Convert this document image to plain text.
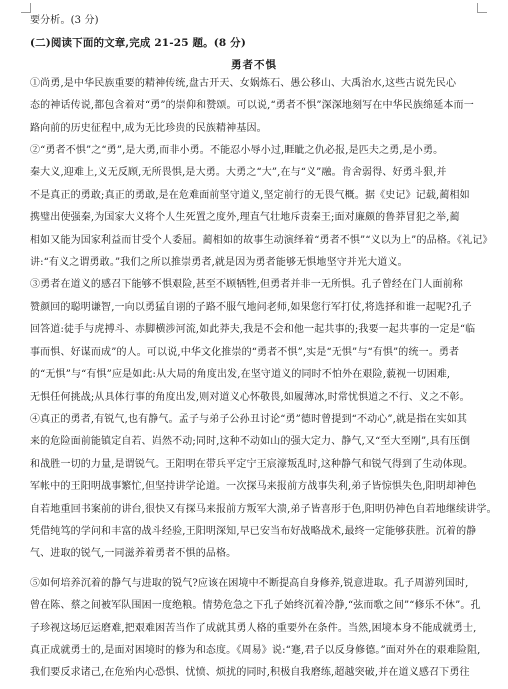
要分析。(3 分)
(二)阅读下面的文章,完成 21-25 题。(8 分)
勇者不惧
①尚勇,是中华民族重要的精神传统,盘古开天、女娲炼石、愚公移山、大禹治水,这些古说先民心
态的神话传说,都包含着对“勇”的崇仰和赞颂。可以说,“勇者不惧”深深地刻写在中华民族绵延本而一
路向前的历史征程中,成为无比珍贵的民族精神基因。
②“勇者不惧”之“勇”,是大勇,而非小勇。不能忍小辱小过,睚眦之仇必报,是匹夫之勇,是小勇。
秦大义,迎难上,义无反顾,无所畏惧,是大勇。大勇之“大”,在与“义”融。肯舍弱得、好勇斗狠,并
不是真正的勇敢;真正的勇敢,是在危难面前坚守道义,坚定前行的无畏气概。据《史记》记载,蔺相如
携璧出使强秦,为国家大义将个人生死置之度外,理直气壮地斥责秦王;面对廉颇的鲁莽冒犯之举,蔺
相如又能为国家利益而甘受个人委屈。蔺相如的故事生动演绎着“勇者不惧”“义以为上”的品格。《礼记》
讲:“有义之谓勇敢。”我们之所以推崇勇者,就是因为勇者能够无惧地坚守并光大道义。
③勇者在道义的感召下能够不惧艰险,甚至不顾牺牲,但勇者并非一无所惧。孔子曾经在门人面前称
赞颜回的聪明谦智,一向以勇猛自诩的子路不服气地问老师,如果您行军打仗,将选择和谁一起呢?孔子
回答道:徒手与虎搏斗、赤脚横涉河流,如此莽夫,我是不会和他一起共事的;我要一起共事的一定是“临
事而惧、好谋而成”的人。可以说,中华文化推崇的“勇者不惧”,实是“无惧”与“有惧”的统一。勇者
的“无惧”与“有惧”应是如此:从大局的角度出发,在坚守道义的同时不怕外在艰险,藐视一切困难,
无惧任何挑战;从具体行事的角度出发,则对道义心怀敬畏,如履薄冰,时常忧惧道之不行、义之不彰。
④真正的勇者,有锐气,也有静气。孟子与弟子公孙丑讨论“勇”德时曾提到“不动心”,就是指在实如其
来的危险面前能镇定自若、岿然不动;同时,这种不动如山的强大定力、静气,又“至大至刚”,具有压倒
和战胜一切的力量,是谓锐气。王阳明在带兵平定宁王宸濠叛乱时,这种静气和锐气得到了生动体现。
军帐中的王阳明战事繁忙,但坚持讲学论道。一次探马来报前方战事失利,弟子皆惊惧失色,阳明却神色
自若地重回书案前的讲台,很快又有探马来报前方叛军大溃,弟子皆喜形于色,阳明仍神色自若地继续讲学。
凭借纯笃的学问和丰富的战斗经验,王阳明深知,早已安当布好战略战术,最终一定能够获胜。沉着的静
气、进取的锐气,一同滋养着勇者不惧的品格。
⑤如何培养沉着的静气与进取的锐气?应该在困境中不断提高自身修养,锐意进取。孔子周游列国时,
曾在陈、蔡之间被军队围困一度绝粮。情势危急之下孔子始终沉着冷静,“弦而歌之间”“修乐不休”。孔
子珍视这场厄运磨难,把艰难困苦当作了成就其勇人格的重要外在条件。当然,困境本身不能成就勇士,
真正成就勇士的,是面对困境时的修为和态度。《周易》说:“蹇,君子以反身修德。”面对外在的艰难险阻,
我们要反求诸己,在危殆内心恐惧、忧愤、烦扰的同时,积极自我磨练,超越突破,并在道义感召下勇往
